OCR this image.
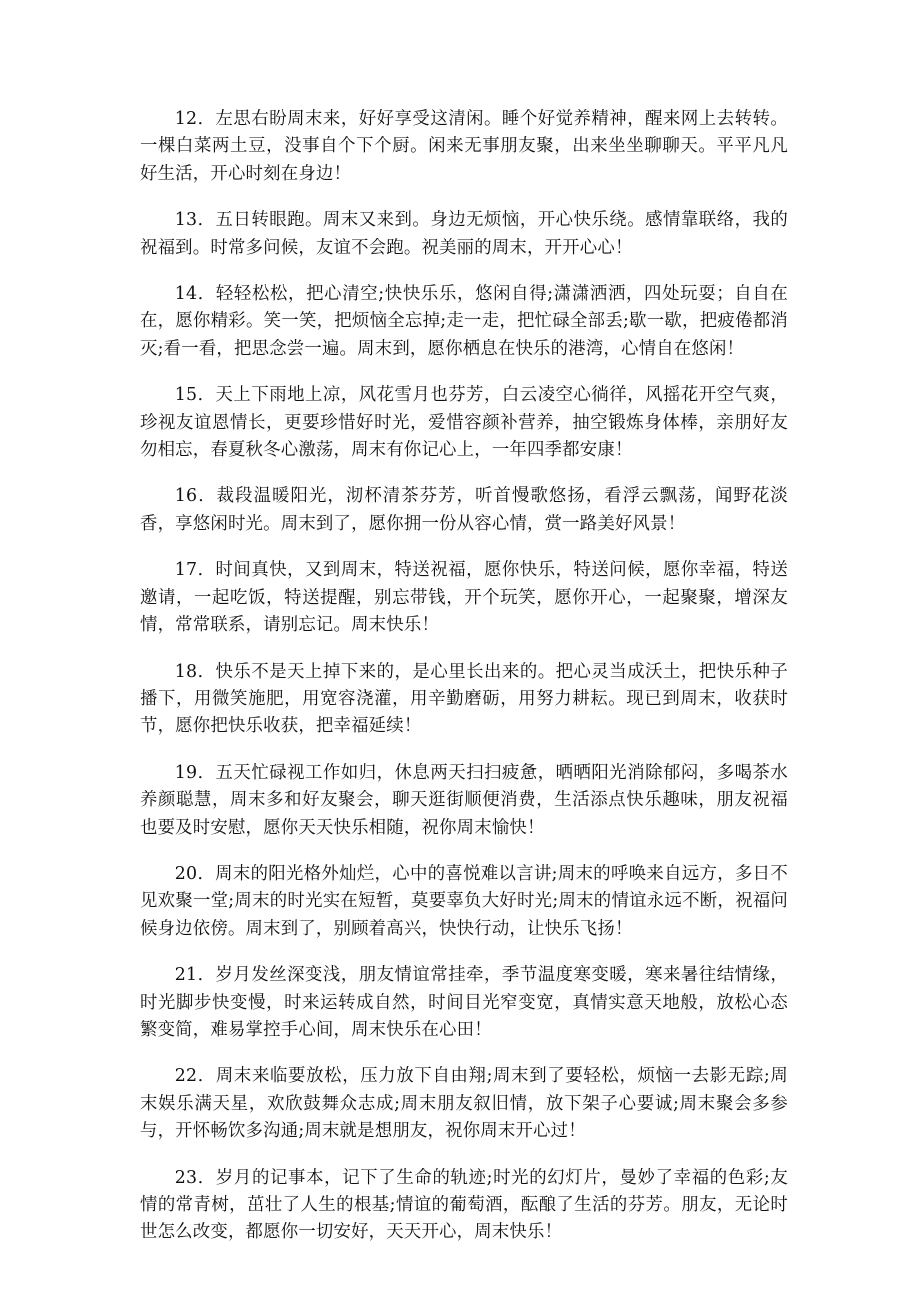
12．左思右盼周末来，好好享受这清闲。睡个好觉养精神，醒来网上去转转。一棵白菜两土豆，没事自个下个厨。闲来无事朋友聚，出来坐坐聊聊天。平平凡凡好生活，开心时刻在身边！

13．五日转眼跑。周末又来到。身边无烦恼，开心快乐绕。感情靠联络，我的祝福到。时常多问候，友谊不会跑。祝美丽的周末，开开心心！

14．轻轻松松，把心清空;快快乐乐，悠闲自得;潇潇洒洒，四处玩耍；自自在在，愿你精彩。笑一笑，把烦恼全忘掉;走一走，把忙碌全部丢;歇一歇，把疲倦都消灭;看一看，把思念尝一遍。周末到，愿你栖息在快乐的港湾，心情自在悠闲！

15．天上下雨地上凉，风花雪月也芬芳，白云凌空心徜徉，风摇花开空气爽，珍视友谊恩情长，更要珍惜好时光，爱惜容颜补营养，抽空锻炼身体棒，亲朋好友勿相忘，春夏秋冬心激荡，周末有你记心上，一年四季都安康！

16．裁段温暖阳光，沏杯清茶芬芳，听首慢歌悠扬，看浮云飘荡，闻野花淡香，享悠闲时光。周末到了，愿你拥一份从容心情，赏一路美好风景！

17．时间真快，又到周末，特送祝福，愿你快乐，特送问候，愿你幸福，特送邀请，一起吃饭，特送提醒，别忘带钱，开个玩笑，愿你开心，一起聚聚，增深友情，常常联系，请别忘记。周末快乐！

18．快乐不是天上掉下来的，是心里长出来的。把心灵当成沃土，把快乐种子播下，用微笑施肥，用宽容浇灌，用辛勤磨砺，用努力耕耘。现已到周末，收获时节，愿你把快乐收获，把幸福延续！

19．五天忙碌视工作如归，休息两天扫扫疲惫，晒晒阳光消除郁闷，多喝茶水养颜聪慧，周末多和好友聚会，聊天逛街顺便消费，生活添点快乐趣味，朋友祝福也要及时安慰，愿你天天快乐相随，祝你周末愉快！

20．周末的阳光格外灿烂，心中的喜悦难以言讲;周末的呼唤来自远方，多日不见欢聚一堂;周末的时光实在短暂，莫要辜负大好时光;周末的情谊永远不断，祝福问候身边依傍。周末到了，别顾着高兴，快快行动，让快乐飞扬！

21．岁月发丝深变浅，朋友情谊常挂牵，季节温度寒变暖，寒来暑往结情缘，时光脚步快变慢，时来运转成自然，时间目光窄变宽，真情实意天地般，放松心态繁变简，难易掌控手心间，周末快乐在心田！

22．周末来临要放松，压力放下自由翔;周末到了要轻松，烦恼一去影无踪;周末娱乐满天星，欢欣鼓舞众志成;周末朋友叙旧情，放下架子心要诚;周末聚会多参与，开怀畅饮多沟通;周末就是想朋友，祝你周末开心过！

23．岁月的记事本，记下了生命的轨迹;时光的幻灯片，曼妙了幸福的色彩;友情的常青树，茁壮了人生的根基;情谊的葡萄酒，酝酿了生活的芬芳。朋友，无论时世怎么改变，都愿你一切安好，天天开心，周末快乐！
